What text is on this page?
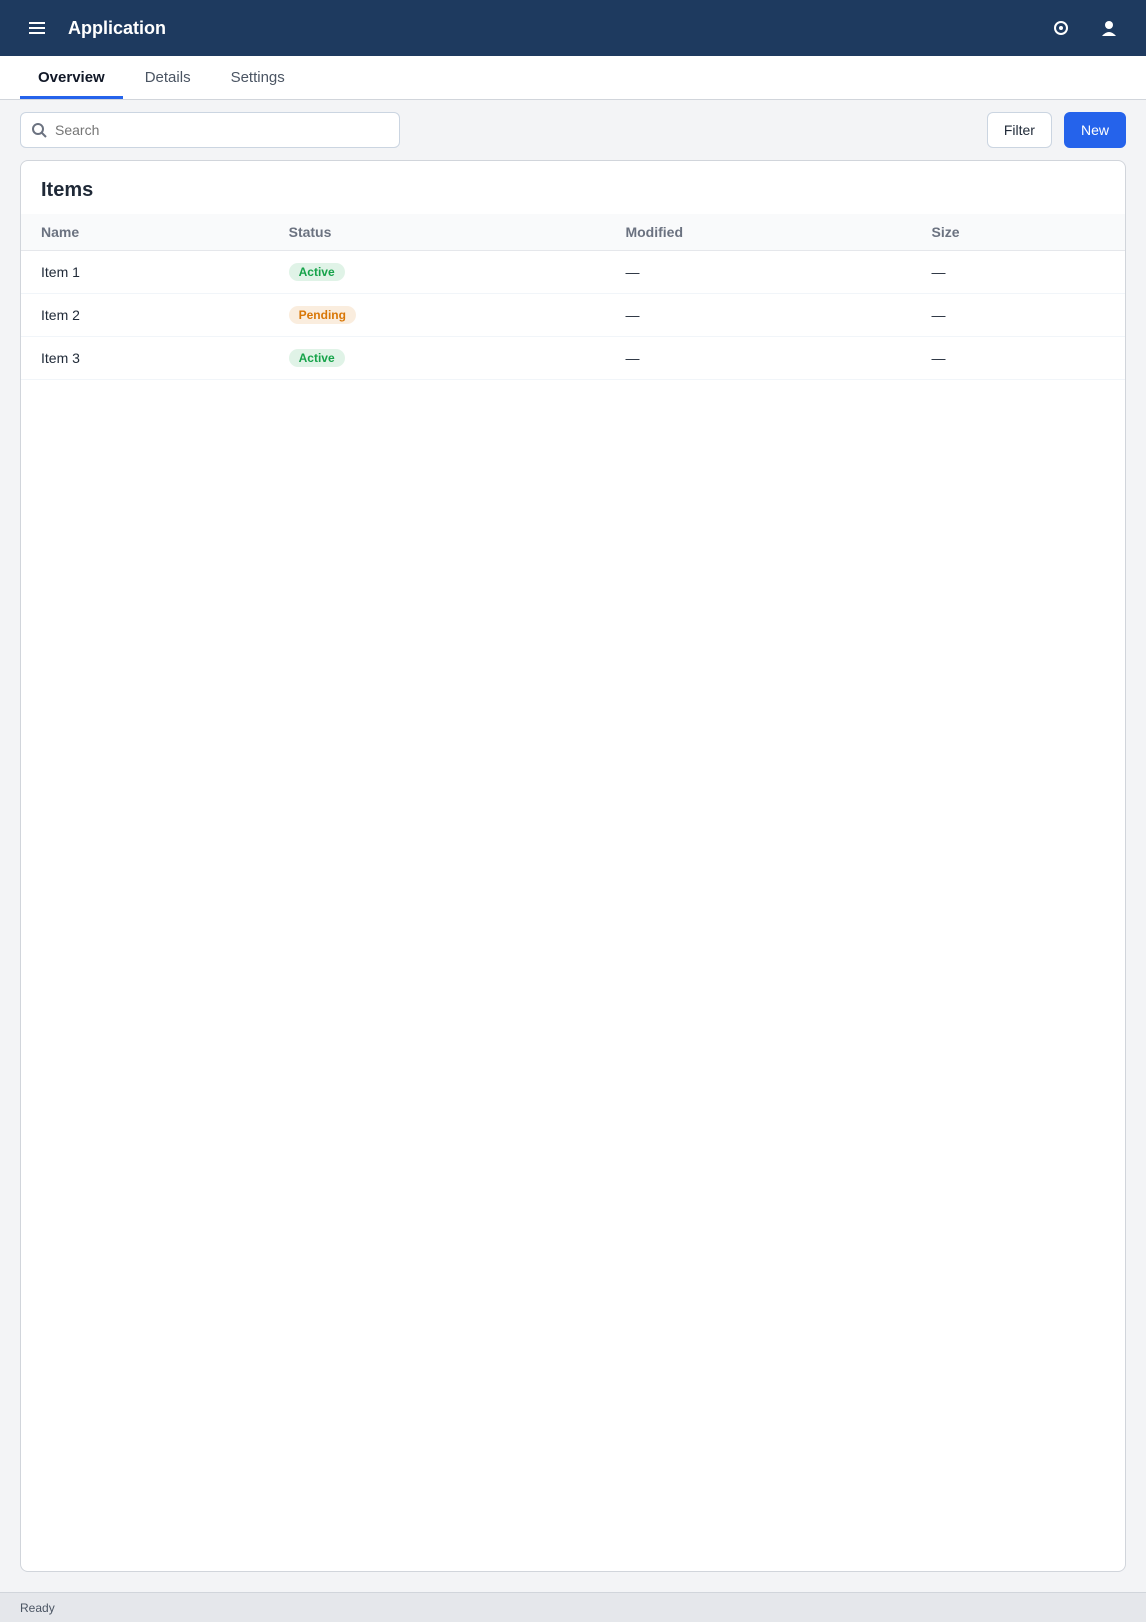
Application
Overview	Details	Settings
Search
Filter	New
Items
Name	Status	Modified	Size
Item 1	Active	—	—
Item 2	Pending	—	—
Item 3	Active	—	—
Ready
